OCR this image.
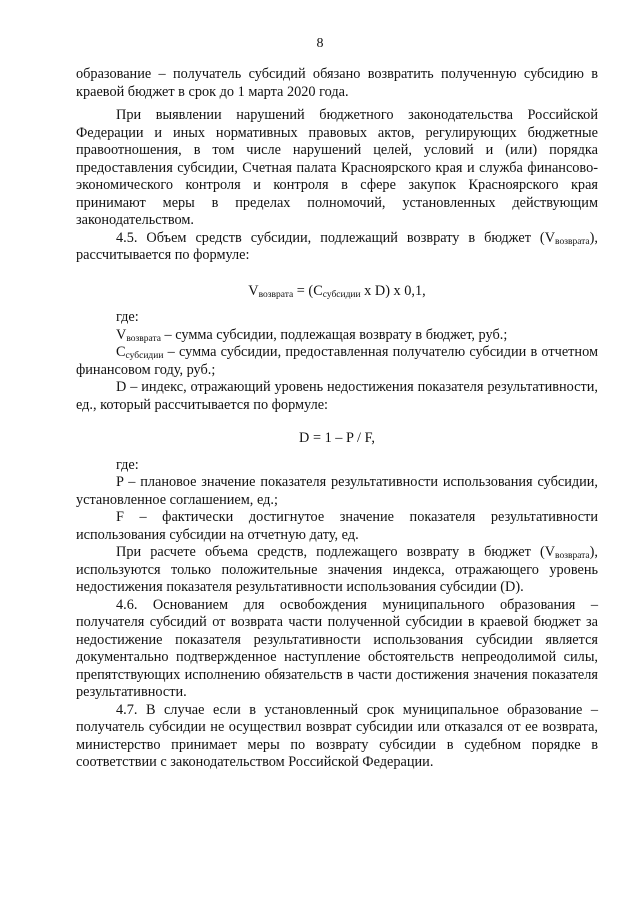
8

образование – получатель субсидий обязано возвратить полученную субсидию в краевой бюджет в срок до 1 марта 2020 года.

При выявлении нарушений бюджетного законодательства Российской Федерации и иных нормативных правовых актов, регулирующих бюджетные правоотношения, в том числе нарушений целей, условий и (или) порядка предоставления субсидии, Счетная палата Красноярского края и служба финансово-экономического контроля и контроля в сфере закупок Красноярского края принимают меры в пределах полномочий, установленных действующим законодательством.

4.5. Объем средств субсидии, подлежащий возврату в бюджет $(V_{возврата})$, рассчитывается по формуле:

$V_{возврата} = (C_{субсидии}$ x D) x 0,1,

где:

$V_{возврата}$ – сумма субсидии, подлежащая возврату в бюджет, руб.;

$C_{субсидии}$ – сумма субсидии, предоставленная получателю субсидии в отчетном финансовом году, руб.;

D – индекс, отражающий уровень недостижения показателя результативности, ед., который рассчитывается по формуле:

D = 1 – P / F,

где:

P – плановое значение показателя результативности использования субсидии, установленное соглашением, ед.;

F – фактически достигнутое значение показателя результативности использования субсидии на отчетную дату, ед.

При расчете объема средств, подлежащего возврату в бюджет $(V_{возврата})$, используются только положительные значения индекса, отражающего уровень недостижения показателя результативности использования субсидии (D).

4.6. Основанием для освобождения муниципального образования – получателя субсидий от возврата части полученной субсидии в краевой бюджет за недостижение показателя результативности использования субсидии является документально подтвержденное наступление обстоятельств непреодолимой силы, препятствующих исполнению обязательств в части достижения значения показателя результативности.

4.7. В случае если в установленный срок муниципальное образование – получатель субсидии не осуществил возврат субсидии или отказался от ее возврата, министерство принимает меры по возврату субсидии в судебном порядке в соответствии с законодательством Российской Федерации.
